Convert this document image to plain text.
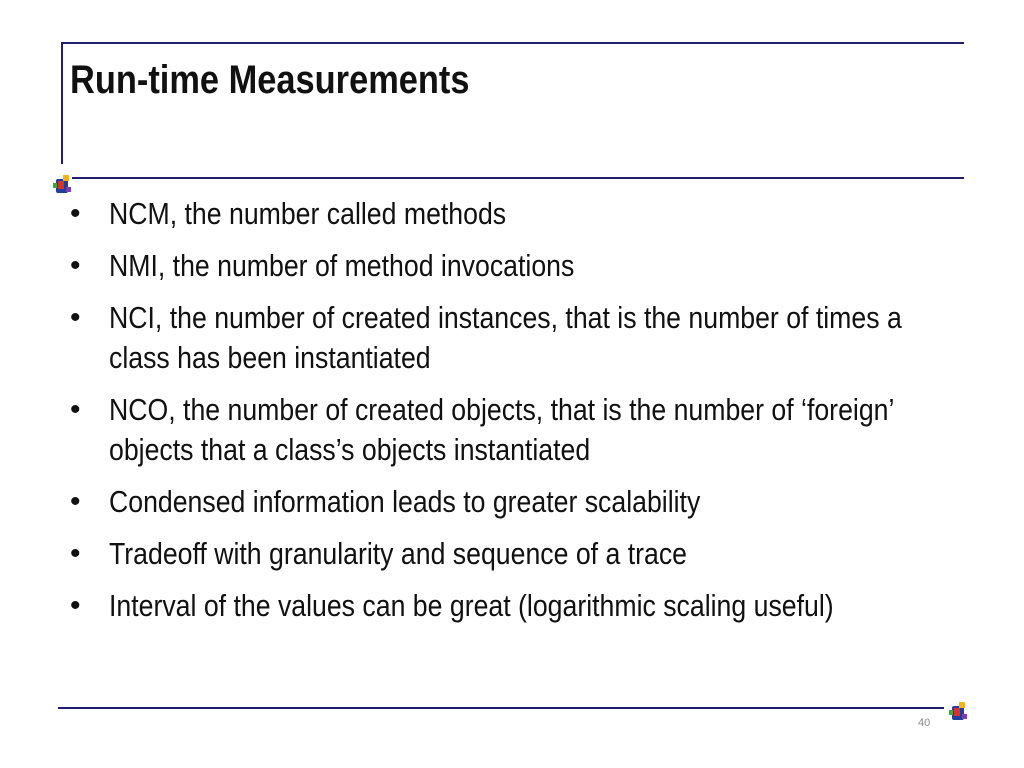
Run-time Measurements
• NCM, the number called methods
• NMI, the number of method invocations
• NCI, the number of created instances, that is the number of times a class has been instantiated
• NCO, the number of created objects, that is the number of ‘foreign’ objects that a class’s objects instantiated
• Condensed information leads to greater scalability
• Tradeoff with granularity and sequence of a trace
• Interval of the values can be great (logarithmic scaling useful)
40
